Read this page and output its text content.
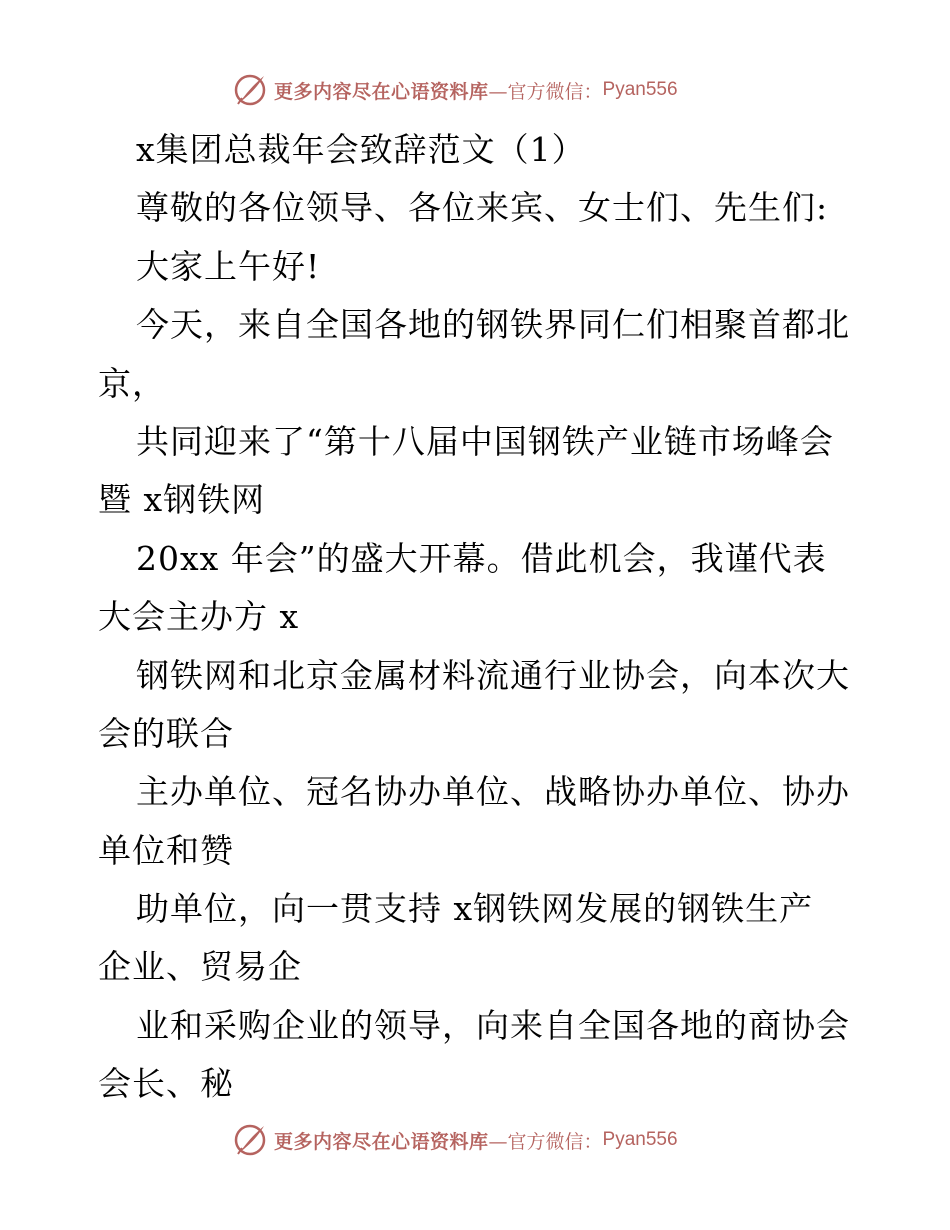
更多内容尽在心语资料库 —官方微信： Pyan556
x集团总裁年会致辞范文（1）
尊敬的各位领导、各位来宾、女士们、先生们:
大家上午好!
今天，来自全国各地的钢铁界同仁们相聚首都北
京，
共同迎来了“第十八届中国钢铁产业链市场峰会
暨 x钢铁网
20xx 年会”的盛大开幕。借此机会，我谨代表
大会主办方 x
钢铁网和北京金属材料流通行业协会，向本次大
会的联合
主办单位、冠名协办单位、战略协办单位、协办
单位和赞
助单位，向一贯支持 x钢铁网发展的钢铁生产
企业、贸易企
业和采购企业的领导，向来自全国各地的商协会
会长、秘
更多内容尽在心语资料库 —官方微信： Pyan556
